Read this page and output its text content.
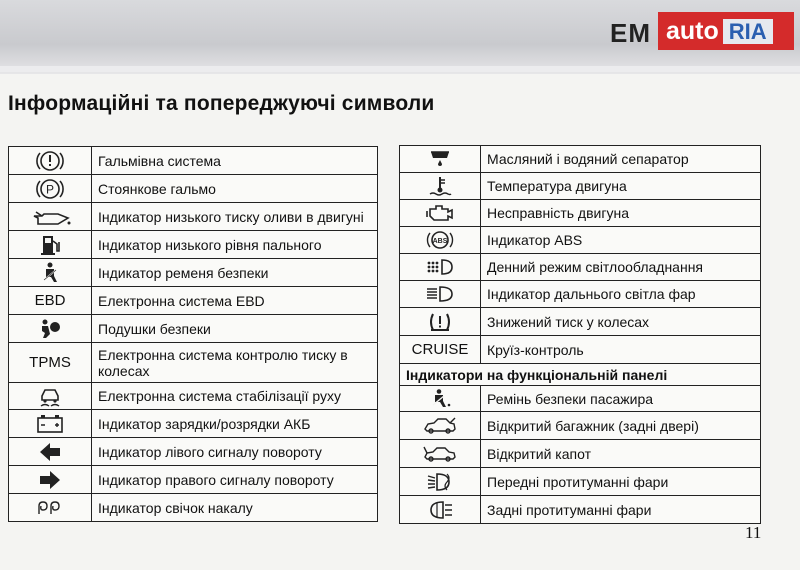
EM auto RIA
Інформаційні та попереджуючі символи
	Гальмівна система

P	Стоянкове гальмо

	Індикатор низького тиску оливи в двигуні

	Індикатор низького рівня пального

	Індикатор ременя безпеки
EBD	Електронна система EBD

	Подушки безпеки
TPMS	Електронна система контролю тиску в колесах

	Електронна система стабілізації руху

	Індикатор зарядки/розрядки АКБ

	Індикатор лівого сигналу повороту

	Індикатор правого сигналу повороту

	Індикатор свічок накалу
	Масляний і водяний сепаратор

	Температура двигуна

	Несправність двигуна

ABS	Індикатор ABS

	Денний режим світлообладнання

	Індикатор дальнього світла фар

	Знижений тиск у колесах
CRUISE	Круїз-контроль
Індикатори на функціональній панелі	

	Ремінь безпеки пасажира

	Відкритий багажник (задні двері)

	Відкритий капот

	Передні протитуманні фари

	Задні протитуманні фари
11
